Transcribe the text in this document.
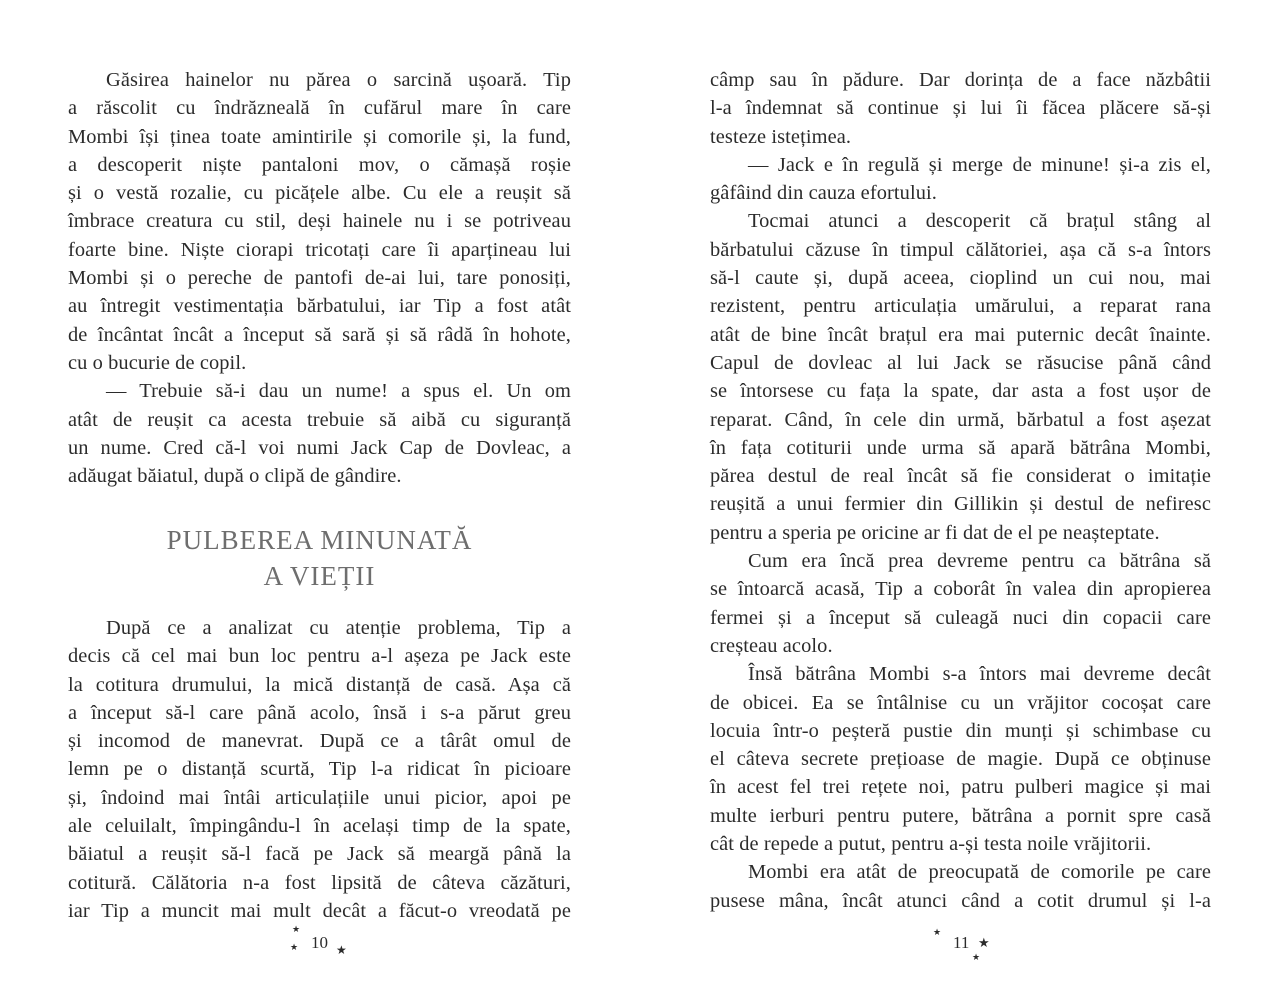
Găsirea hainelor nu părea o sarcină ușoară. Tip
a răscolit cu îndrăzneală în cufărul mare în care
Mombi își ținea toate amintirile și comorile și, la fund,
a descoperit niște pantaloni mov, o cămașă roșie
și o vestă rozalie, cu picățele albe. Cu ele a reușit să
îmbrace creatura cu stil, deși hainele nu i se potriveau
foarte bine. Niște ciorapi tricotați care îi aparțineau lui
Mombi și o pereche de pantofi de-ai lui, tare ponosiți,
au întregit vestimentația bărbatului, iar Tip a fost atât
de încântat încât a început să sară și să râdă în hohote,
cu o bucurie de copil.
— Trebuie să-i dau un nume! a spus el. Un om
atât de reușit ca acesta trebuie să aibă cu siguranță
un nume. Cred că-l voi numi Jack Cap de Dovleac, a
adăugat băiatul, după o clipă de gândire.
PULBEREA MINUNATĂ
A VIEȚII
După ce a analizat cu atenție problema, Tip a
decis că cel mai bun loc pentru a-l așeza pe Jack este
la cotitura drumului, la mică distanță de casă. Așa că
a început să-l care până acolo, însă i s-a părut greu
și incomod de manevrat. După ce a târât omul de
lemn pe o distanță scurtă, Tip l-a ridicat în picioare
și, îndoind mai întâi articulațiile unui picior, apoi pe
ale celuilalt, împingându-l în același timp de la spate,
băiatul a reușit să-l facă pe Jack să meargă până la
cotitură. Călătoria n-a fost lipsită de câteva căzături,
iar Tip a muncit mai mult decât a făcut-o vreodată pe
★
★ 10 ★
câmp sau în pădure. Dar dorința de a face năzbâtii
l-a îndemnat să continue și lui îi făcea plăcere să-și
testeze istețimea.
— Jack e în regulă și merge de minune! și-a zis el,
gâfâind din cauza efortului.
Tocmai atunci a descoperit că brațul stâng al
bărbatului căzuse în timpul călătoriei, așa că s-a întors
să-l caute și, după aceea, cioplind un cui nou, mai
rezistent, pentru articulația umărului, a reparat rana
atât de bine încât brațul era mai puternic decât înainte.
Capul de dovleac al lui Jack se răsucise până când
se întorsese cu fața la spate, dar asta a fost ușor de
reparat. Când, în cele din urmă, bărbatul a fost așezat
în fața cotiturii unde urma să apară bătrâna Mombi,
părea destul de real încât să fie considerat o imitație
reușită a unui fermier din Gillikin și destul de nefiresc
pentru a speria pe oricine ar fi dat de el pe neașteptate.
Cum era încă prea devreme pentru ca bătrâna să
se întoarcă acasă, Tip a coborât în valea din apropierea
fermei și a început să culeagă nuci din copacii care
creșteau acolo.
Însă bătrâna Mombi s-a întors mai devreme decât
de obicei. Ea se întâlnise cu un vrăjitor cocoșat care
locuia într-o peșteră pustie din munți și schimbase cu
el câteva secrete prețioase de magie. După ce obținuse
în acest fel trei rețete noi, patru pulberi magice și mai
multe ierburi pentru putere, bătrâna a pornit spre casă
cât de repede a putut, pentru a-și testa noile vrăjitorii.
Mombi era atât de preocupată de comorile pe care
pusese mâna, încât atunci când a cotit drumul și l-a
★ 11 ★
★
